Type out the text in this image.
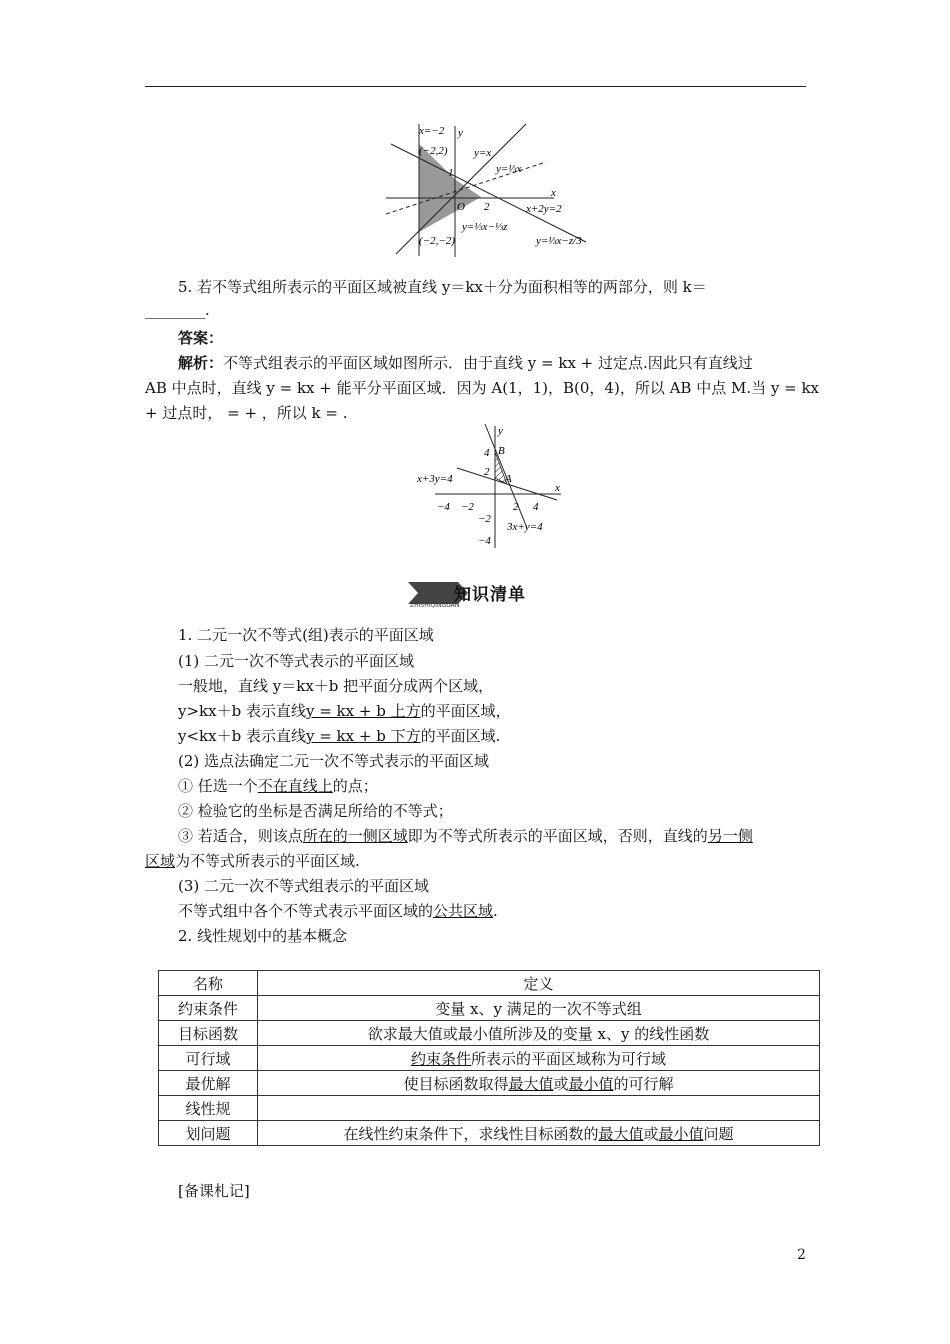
x=−2 y
(−2,2) y=x
y=⅓x
1
x
O 2	x+2y=2
y=⅓x−⅓z
(−2,−2)	y=⅓x−z/3
5. 若不等式组所表示的平面区域被直线 y＝kx＋分为面积相等的两部分，则 k＝
________.
答案：
解析：不等式组表示的平面区域如图所示．由于直线 y = kx + 过定点.因此只有直线过
AB 中点时，直线 y = kx + 能平分平面区域．因为 A(1，1)，B(0，4)，所以 AB 中点 M.当 y = kx
+ 过点时， = + ，所以 k = .
y
x
B
A
4
2
−4 −2	2 4
−2
−4
x+3y=4
3x+y=4
知识清单
ZHISHIQINGDAN
1. 二元一次不等式(组)表示的平面区域
(1) 二元一次不等式表示的平面区域
一般地，直线 y＝kx＋b 把平面分成两个区域，
y>kx＋b 表示直线y = kx + b 上方的平面区域，
y<kx＋b 表示直线y = kx + b 下方的平面区域.
(2) 选点法确定二元一次不等式表示的平面区域
① 任选一个不在直线上的点；
② 检验它的坐标是否满足所给的不等式；
③ 若适合，则该点所在的一侧区域即为不等式所表示的平面区域，否则，直线的另一侧
区域为不等式所表示的平面区域.
(3) 二元一次不等式组表示的平面区域
不等式组中各个不等式表示平面区域的公共区域.
2. 线性规划中的基本概念
名称	定义
约束条件	变量 x、y 满足的一次不等式组
目标函数	欲求最大值或最小值所涉及的变量 x、y 的线性函数
可行域	约束条件所表示的平面区域称为可行域
最优解	使目标函数取得最大值或最小值的可行解
线性规	
划问题	在线性约束条件下，求线性目标函数的最大值或最小值问题
[备课札记]
2
